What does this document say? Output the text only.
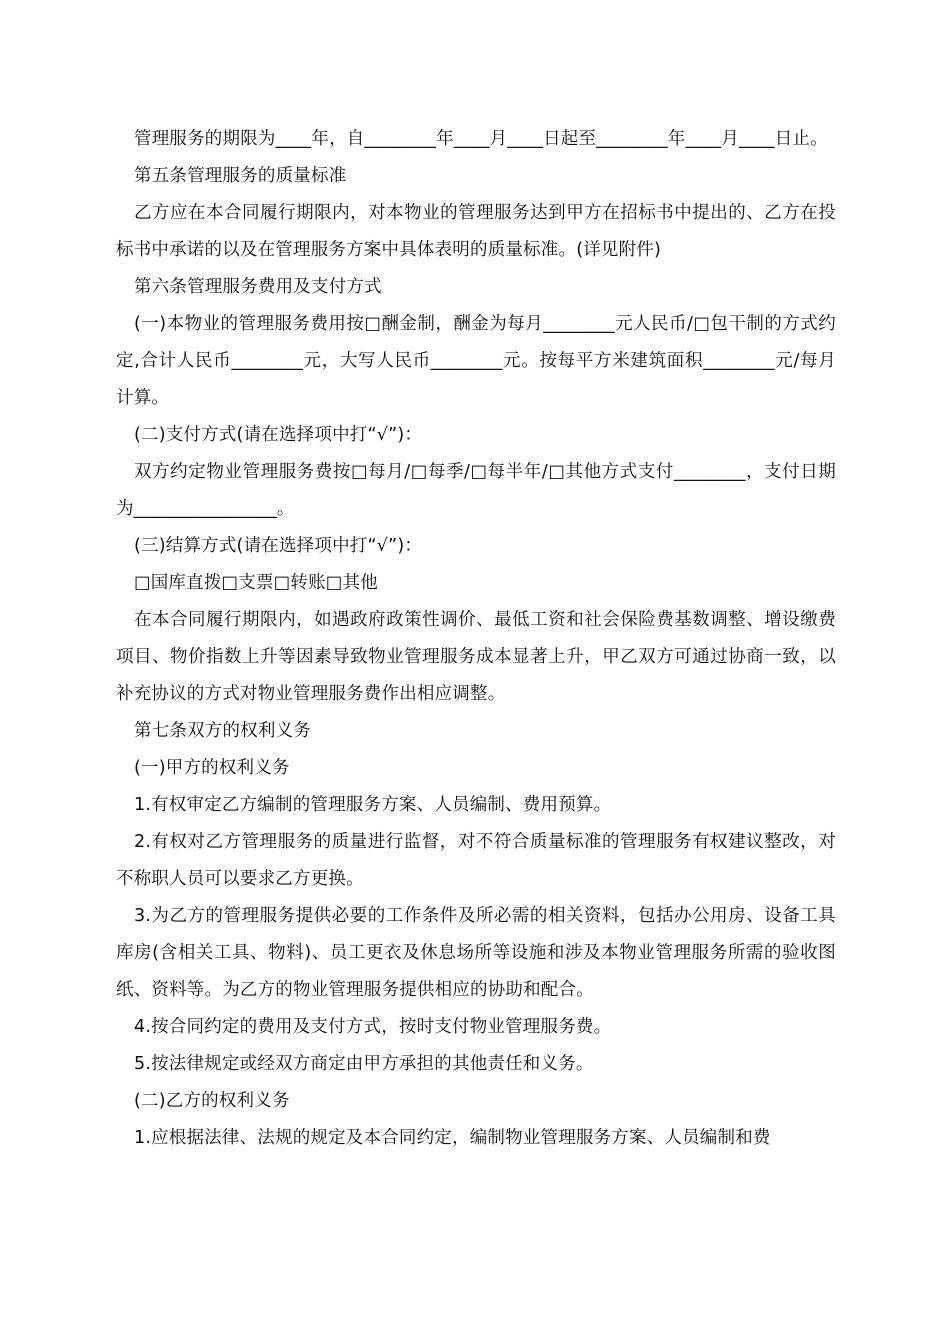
管理服务的期限为____年，自________年____月____日起至________年____月____日止。

第五条管理服务的质量标准

乙方应在本合同履行期限内，对本物业的管理服务达到甲方在招标书中提出的、乙方在投标书中承诺的以及在管理服务方案中具体表明的质量标准。(详见附件)

第六条管理服务费用及支付方式

(一)本物业的管理服务费用按□酬金制，酬金为每月________元人民币/□包干制的方式约定,合计人民币________元，大写人民币________元。按每平方米建筑面积________元/每月计算。

(二)支付方式(请在选择项中打“√”)：

双方约定物业管理服务费按□每月/□每季/□每半年/□其他方式支付________，支付日期为________________。

(三)结算方式(请在选择项中打“√”)：

□国库直拨□支票□转账□其他

在本合同履行期限内，如遇政府政策性调价、最低工资和社会保险费基数调整、增设缴费项目、物价指数上升等因素导致物业管理服务成本显著上升，甲乙双方可通过协商一致，以补充协议的方式对物业管理服务费作出相应调整。

第七条双方的权利义务

(一)甲方的权利义务

1.有权审定乙方编制的管理服务方案、人员编制、费用预算。

2.有权对乙方管理服务的质量进行监督，对不符合质量标准的管理服务有权建议整改，对不称职人员可以要求乙方更换。

3.为乙方的管理服务提供必要的工作条件及所必需的相关资料，包括办公用房、设备工具库房(含相关工具、物料)、员工更衣及休息场所等设施和涉及本物业管理服务所需的验收图纸、资料等。为乙方的物业管理服务提供相应的协助和配合。

4.按合同约定的费用及支付方式，按时支付物业管理服务费。

5.按法律规定或经双方商定由甲方承担的其他责任和义务。

(二)乙方的权利义务

1.应根据法律、法规的规定及本合同约定，编制物业管理服务方案、人员编制和费
